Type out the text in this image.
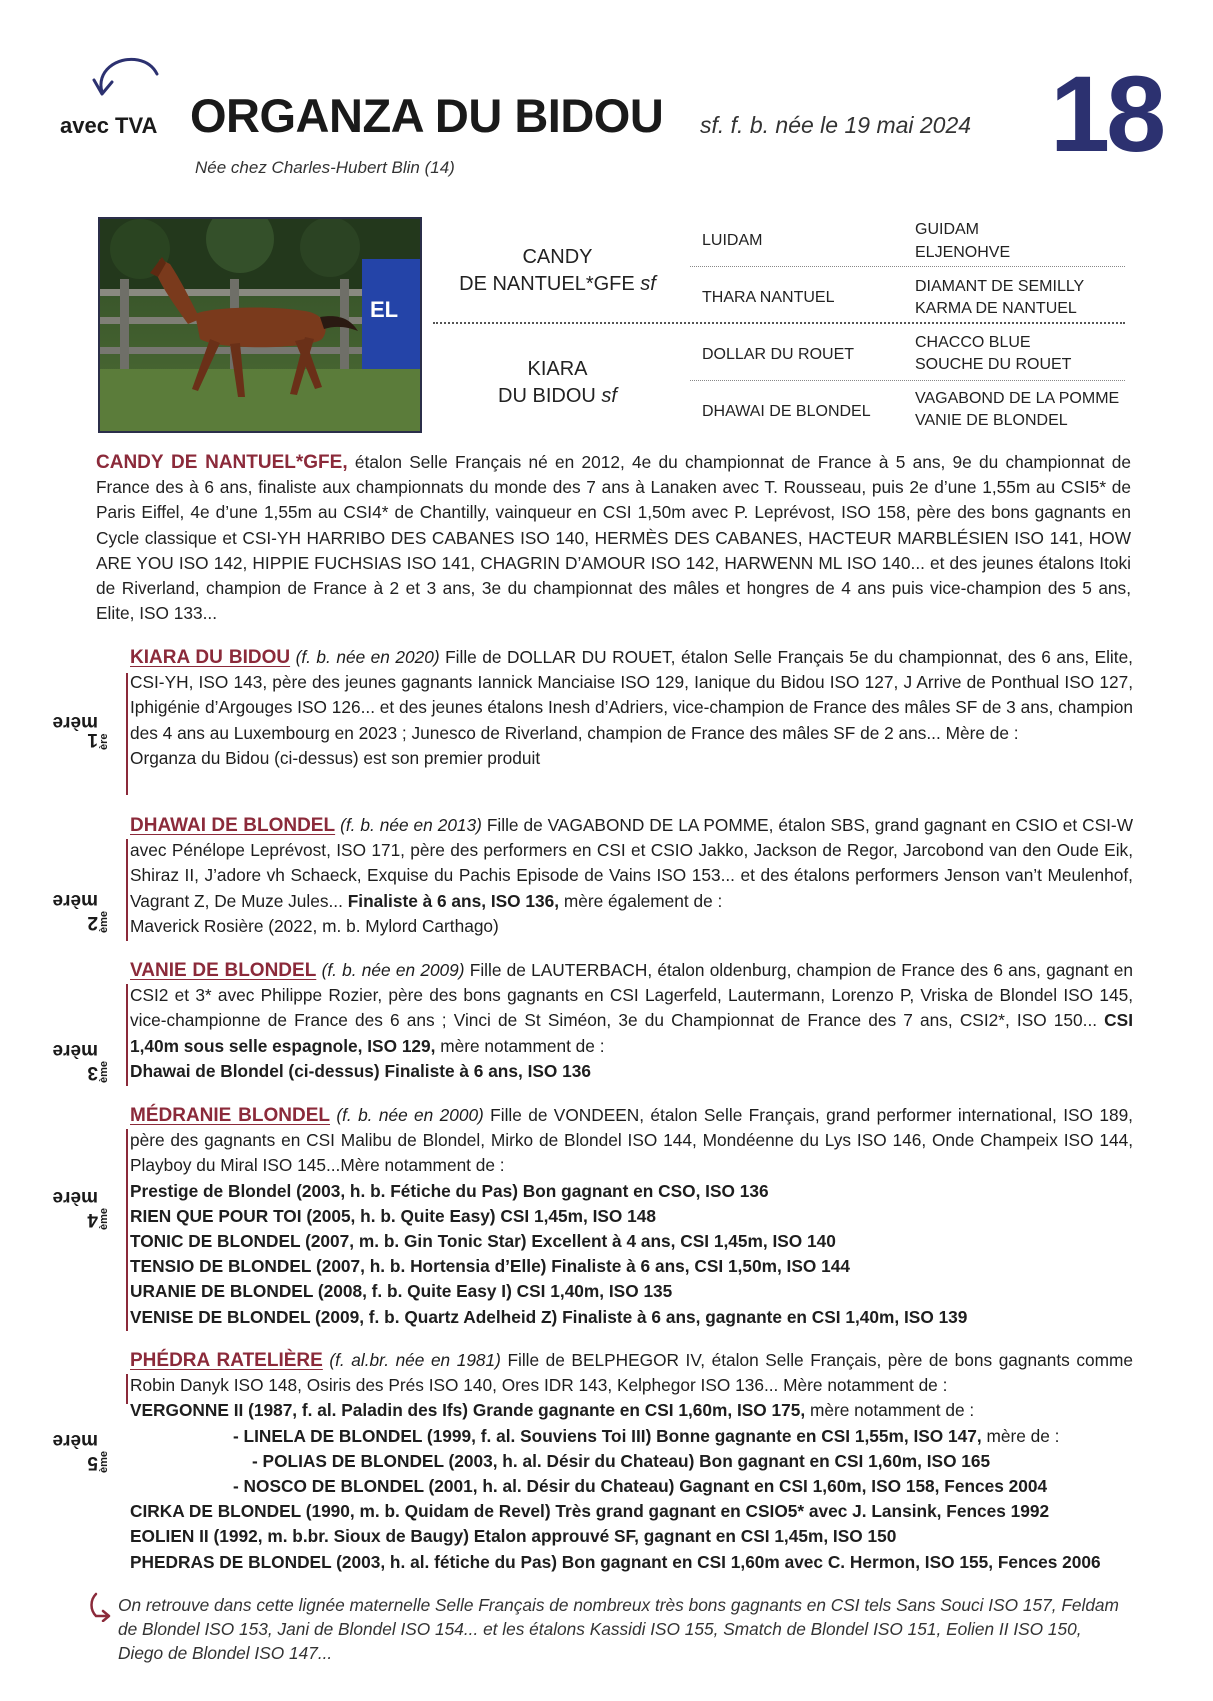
avec TVA ORGANZA DU BIDOU sf. f. b. née le 19 mai 2024 18
Née chez Charles-Hubert Blin (14)
EL
CANDY
DE NANTUEL*GFE sf
KIARA
DU BIDOU sf
LUIDAM
THARA NANTUEL
DOLLAR DU ROUET
DHAWAI DE BLONDEL
GUIDAM
ELJENOHVE
DIAMANT DE SEMILLY
KARMA DE NANTUEL
CHACCO BLUE
SOUCHE DU ROUET
VAGABOND DE LA POMME
VANIE DE BLONDEL
CANDY DE NANTUEL*GFE, étalon Selle Français né en 2012, 4e du championnat de France à 5 ans, 9e du championnat de France des à 6 ans, finaliste aux championnats du monde des 7 ans à Lanaken avec T. Rousseau, puis 2e d’une 1,55m au CSI5* de Paris Eiffel, 4e d’une 1,55m au CSI4* de Chantilly, vainqueur en CSI 1,50m avec P. Leprévost, ISO 158, père des bons gagnants en Cycle classique et CSI-YH HARRIBO DES CABANES ISO 140, HERMÈS DES CABANES, HACTEUR MARBLÉSIEN ISO 141, HOW ARE YOU ISO 142, HIPPIE FUCHSIAS ISO 141, CHAGRIN D’AMOUR ISO 142, HARWENN ML ISO 140... et des jeunes étalons Itoki de Riverland, champion de France à 2 et 3 ans, 3e du championnat des mâles et hongres de 4 ans puis vice-champion des 5 ans, Elite, ISO 133...
1 $^{ère}$
mère

KIARA DU BIDOU (f. b. née en 2020) Fille de DOLLAR DU ROUET, étalon Selle Français 5e du championnat, des 6 ans, Elite, CSI-YH, ISO 143, père des jeunes gagnants Iannick Manciaise ISO 129, Ianique du Bidou ISO 127, J Arrive de Ponthual ISO 127, Iphigénie d’Argouges ISO 126... et des jeunes étalons Inesh d’Adriers, vice-champion de France des mâles SF de 3 ans, champion des 4 ans au Luxembourg en 2023 ; Junesco de Riverland, champion de France des mâles SF de 2 ans... Mère de :

Organza du Bidou (ci-dessus) est son premier produit

2 $^{ème}$
mère

DHAWAI DE BLONDEL (f. b. née en 2013) Fille de VAGABOND DE LA POMME, étalon SBS, grand gagnant en CSIO et CSI-W avec Pénélope Leprévost, ISO 171, père des performers en CSI et CSIO Jakko, Jackson de Regor, Jarcobond van den Oude Eik, Shiraz II, J’adore vh Schaeck, Exquise du Pachis Episode de Vains ISO 153... et des étalons performers Jenson van’t Meulenhof, Vagrant Z, De Muze Jules... Finaliste à 6 ans, ISO 136, mère également de :

Maverick Rosière (2022, m. b. Mylord Carthago)

3 $^{ème}$
mère

VANIE DE BLONDEL (f. b. née en 2009) Fille de LAUTERBACH, étalon oldenburg, champion de France des 6 ans, gagnant en CSI2 et 3* avec Philippe Rozier, père des bons gagnants en CSI Lagerfeld, Lautermann, Lorenzo P, Vriska de Blondel ISO 145, vice-championne de France des 6 ans ; Vinci de St Siméon, 3e du Championnat de France des 7 ans, CSI2*, ISO 150... CSI 1,40m sous selle espagnole, ISO 129, mère notamment de :

Dhawai de Blondel (ci-dessus) Finaliste à 6 ans, ISO 136

4 $^{ème}$
mère

MÉDRANIE BLONDEL (f. b. née en 2000) Fille de VONDEEN, étalon Selle Français, grand performer international, ISO 189, père des gagnants en CSI Malibu de Blondel, Mirko de Blondel ISO 144, Mondéenne du Lys ISO 146, Onde Champeix ISO 144, Playboy du Miral ISO 145...Mère notamment de :

Prestige de Blondel (2003, h. b. Fétiche du Pas) Bon gagnant en CSO, ISO 136

RIEN QUE POUR TOI (2005, h. b. Quite Easy) CSI 1,45m, ISO 148

TONIC DE BLONDEL (2007, m. b. Gin Tonic Star) Excellent à 4 ans, CSI 1,45m, ISO 140

TENSIO DE BLONDEL (2007, h. b. Hortensia d’Elle) Finaliste à 6 ans, CSI 1,50m, ISO 144

URANIE DE BLONDEL (2008, f. b. Quite Easy I) CSI 1,40m, ISO 135

VENISE DE BLONDEL (2009, f. b. Quartz Adelheid Z) Finaliste à 6 ans, gagnante en CSI 1,40m, ISO 139

5 $^{ème}$
mère

PHÉDRA RATELIÈRE (f. al.br. née en 1981) Fille de BELPHEGOR IV, étalon Selle Français, père de bons gagnants comme Robin Danyk ISO 148, Osiris des Prés ISO 140, Ores IDR 143, Kelphegor ISO 136... Mère notamment de :

VERGONNE II (1987, f. al. Paladin des Ifs) Grande gagnante en CSI 1,60m, ISO 175, mère notamment de :

- LINELA DE BLONDEL (1999, f. al. Souviens Toi III) Bonne gagnante en CSI 1,55m, ISO 147, mère de :

- POLIAS DE BLONDEL (2003, h. al. Désir du Chateau) Bon gagnant en CSI 1,60m, ISO 165

- NOSCO DE BLONDEL (2001, h. al. Désir du Chateau) Gagnant en CSI 1,60m, ISO 158, Fences 2004

CIRKA DE BLONDEL (1990, m. b. Quidam de Revel) Très grand gagnant en CSIO5* avec J. Lansink, Fences 1992

EOLIEN II (1992, m. b.br. Sioux de Baugy) Etalon approuvé SF, gagnant en CSI 1,45m, ISO 150

PHEDRAS DE BLONDEL (2003, h. al. fétiche du Pas) Bon gagnant en CSI 1,60m avec C. Hermon, ISO 155, Fences 2006

On retrouve dans cette lignée maternelle Selle Français de nombreux très bons gagnants en CSI tels Sans Souci ISO 157, Feldam de Blondel ISO 153, Jani de Blondel ISO 154... et les étalons Kassidi ISO 155, Smatch de Blondel ISO 151, Eolien II ISO 150, Diego de Blondel ISO 147...
